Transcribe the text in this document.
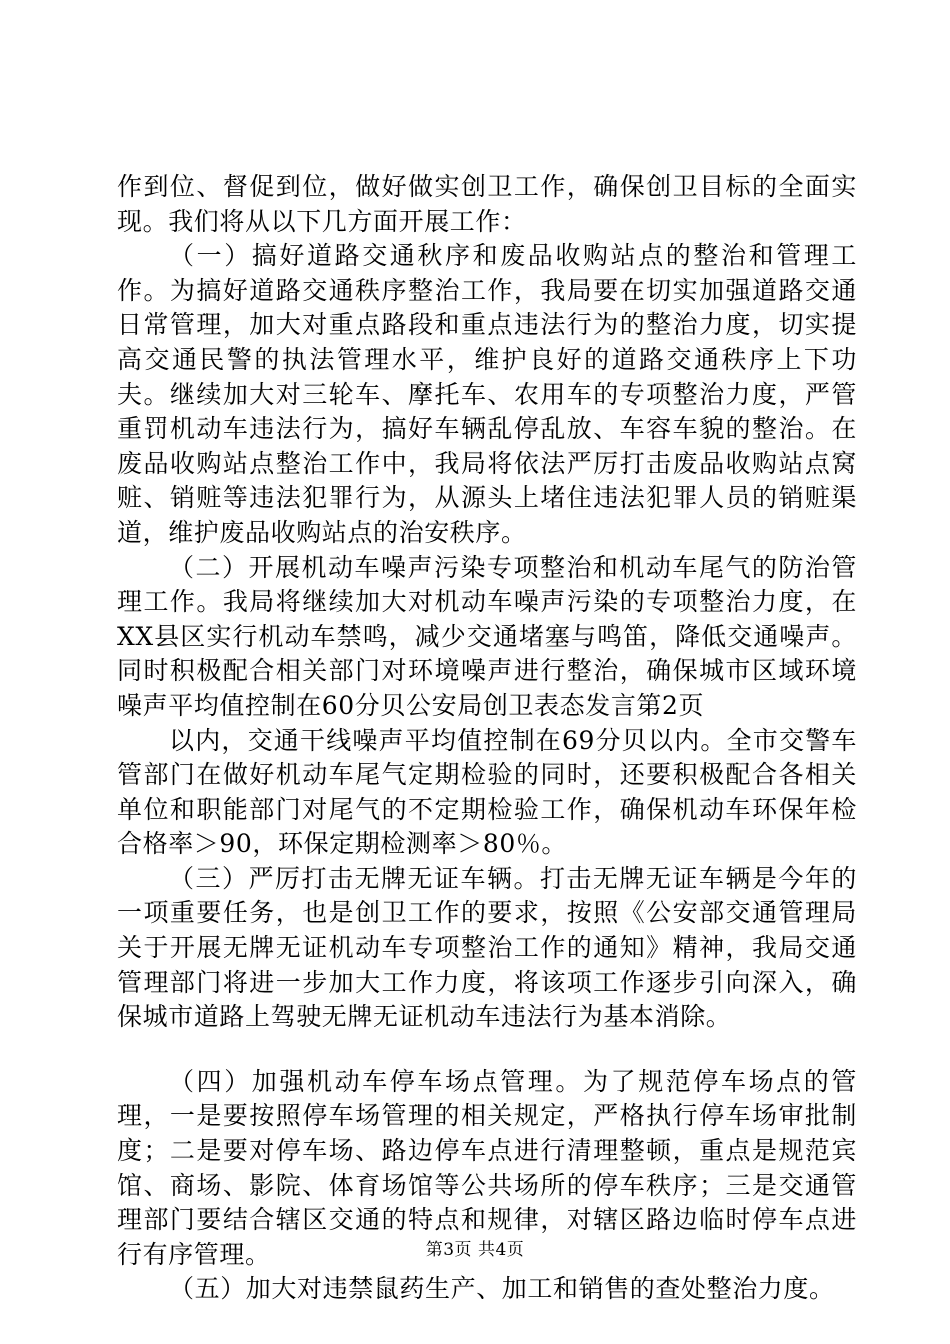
作到位、督促到位，做好做实创卫工作，确保创卫目标的全面实现。我们将从以下几方面开展工作：

（一）搞好道路交通秋序和废品收购站点的整治和管理工作。为搞好道路交通秩序整治工作，我局要在切实加强道路交通日常管理，加大对重点路段和重点违法行为的整治力度，切实提高交通民警的执法管理水平，维护良好的道路交通秩序上下功夫。继续加大对三轮车、摩托车、农用车的专项整治力度，严管重罚机动车违法行为，搞好车辆乱停乱放、车容车貌的整治。在废品收购站点整治工作中，我局将依法严厉打击废品收购站点窝赃、销赃等违法犯罪行为，从源头上堵住违法犯罪人员的销赃渠道，维护废品收购站点的治安秩序。

（二）开展机动车噪声污染专项整治和机动车尾气的防治管理工作。我局将继续加大对机动车噪声污染的专项整治力度，在XX县区实行机动车禁鸣，减少交通堵塞与鸣笛，降低交通噪声。同时积极配合相关部门对环境噪声进行整治，确保城市区域环境噪声平均值控制在60分贝公安局创卫表态发言第2页

以内，交通干线噪声平均值控制在69分贝以内。全市交警车管部门在做好机动车尾气定期检验的同时，还要积极配合各相关单位和职能部门对尾气的不定期检验工作，确保机动车环保年检合格率＞90，环保定期检测率＞80％。

（三）严厉打击无牌无证车辆。打击无牌无证车辆是今年的一项重要任务，也是创卫工作的要求，按照《公安部交通管理局关于开展无牌无证机动车专项整治工作的通知》精神，我局交通管理部门将进一步加大工作力度，将该项工作逐步引向深入，确保城市道路上驾驶无牌无证机动车违法行为基本消除。

（四）加强机动车停车场点管理。为了规范停车场点的管理，一是要按照停车场管理的相关规定，严格执行停车场审批制度；二是要对停车场、路边停车点进行清理整顿，重点是规范宾馆、商场、影院、体育场馆等公共场所的停车秩序；三是交通管理部门要结合辖区交通的特点和规律，对辖区路边临时停车点进行有序管理。

（五）加大对违禁鼠药生产、加工和销售的查处整治力度。

第3页 共4页
